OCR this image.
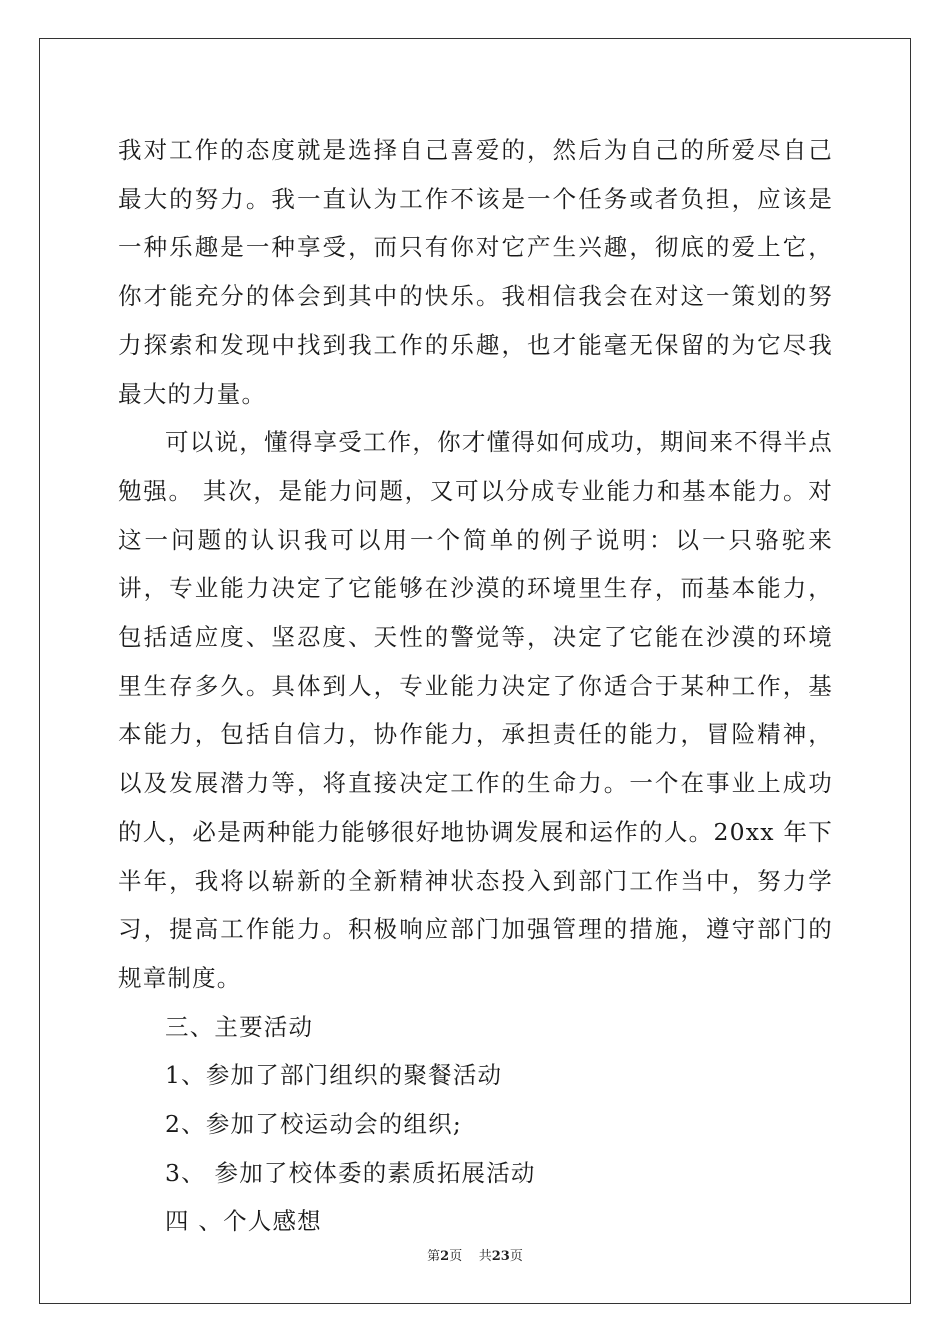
我对工作的态度就是选择自己喜爱的，然后为自己的所爱尽自己最大的努力。我一直认为工作不该是一个任务或者负担，应该是一种乐趣是一种享受，而只有你对它产生兴趣，彻底的爱上它，你才能充分的体会到其中的快乐。我相信我会在对这一策划的努力探索和发现中找到我工作的乐趣，也才能毫无保留的为它尽我最大的力量。

可以说，懂得享受工作，你才懂得如何成功，期间来不得半点勉强。 其次，是能力问题，又可以分成专业能力和基本能力。对这一问题的认识我可以用一个简单的例子说明：以一只骆驼来讲，专业能力决定了它能够在沙漠的环境里生存，而基本能力，包括适应度、坚忍度、天性的警觉等，决定了它能在沙漠的环境里生存多久。具体到人，专业能力决定了你适合于某种工作，基本能力，包括自信力，协作能力，承担责任的能力，冒险精神，以及发展潜力等，将直接决定工作的生命力。一个在事业上成功的人，必是两种能力能够很好地协调发展和运作的人。20xx 年下半年，我将以崭新的全新精神状态投入到部门工作当中，努力学习，提高工作能力。积极响应部门加强管理的措施，遵守部门的规章制度。

三、主要活动

1、参加了部门组织的聚餐活动

2、参加了校运动会的组织;

3、 参加了校体委的素质拓展活动

四 、个人感想

第2页    共23页
